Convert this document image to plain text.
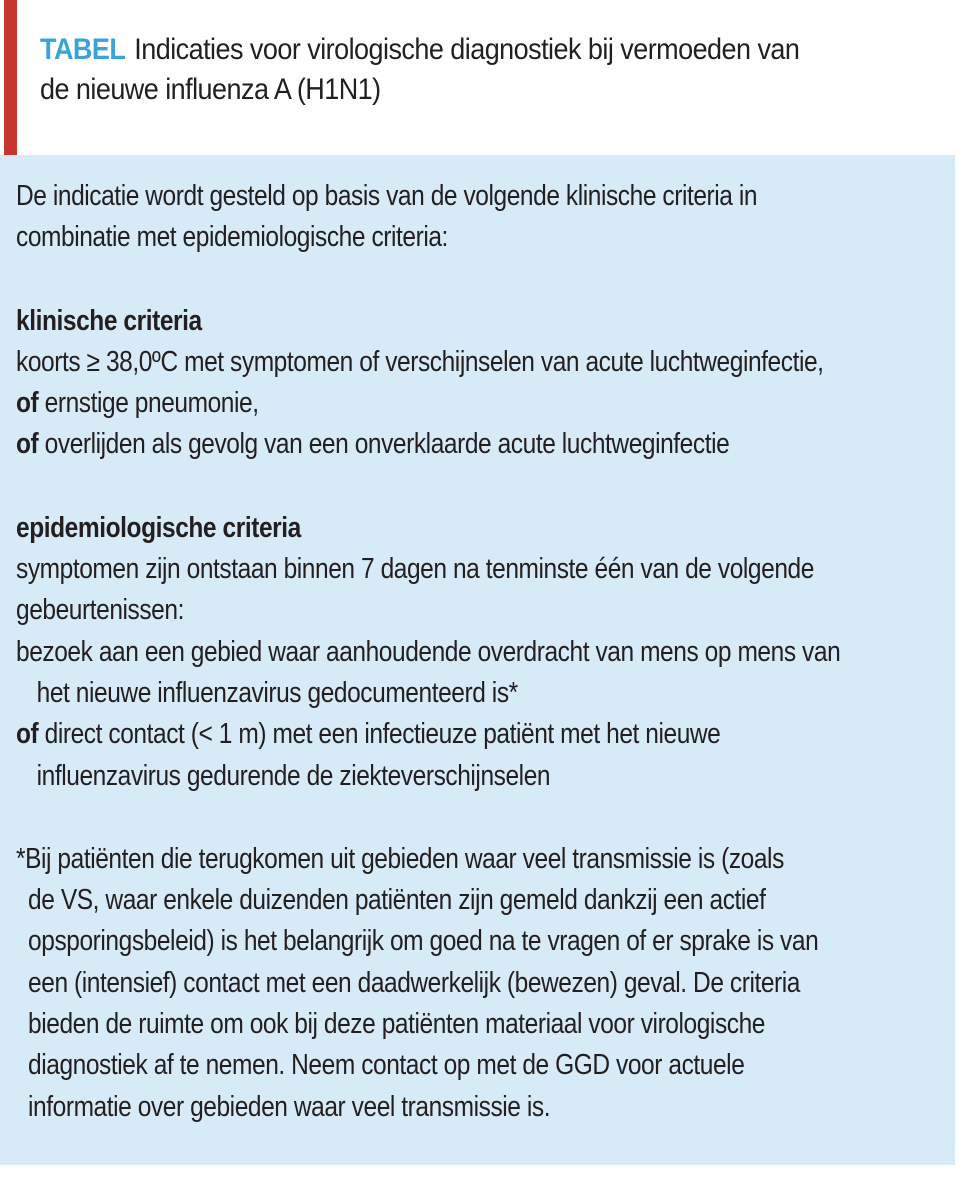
TABEL Indicaties voor virologische diagnostiek bij vermoeden van
de nieuwe influenza A (H1N1)

De indicatie wordt gesteld op basis van de volgende klinische criteria in

combinatie met epidemiologische criteria:

klinische criteria

koorts ≥ 38,0ºC met symptomen of verschijnselen van acute luchtweginfectie,

of ernstige pneumonie,

of overlijden als gevolg van een onverklaarde acute luchtweginfectie

epidemiologische criteria

symptomen zijn ontstaan binnen 7 dagen na tenminste één van de volgende

gebeurtenissen:

bezoek aan een gebied waar aanhoudende overdracht van mens op mens van

het nieuwe influenzavirus gedocumenteerd is*

of direct contact (< 1 m) met een infectieuze patiënt met het nieuwe

influenzavirus gedurende de ziekteverschijnselen

*Bij patiënten die terugkomen uit gebieden waar veel transmissie is (zoals

de VS, waar enkele duizenden patiënten zijn gemeld dankzij een actief

opsporingsbeleid) is het belangrijk om goed na te vragen of er sprake is van

een (intensief) contact met een daadwerkelijk (bewezen) geval. De criteria

bieden de ruimte om ook bij deze patiënten materiaal voor virologische

diagnostiek af te nemen. Neem contact op met de GGD voor actuele

informatie over gebieden waar veel transmissie is.
